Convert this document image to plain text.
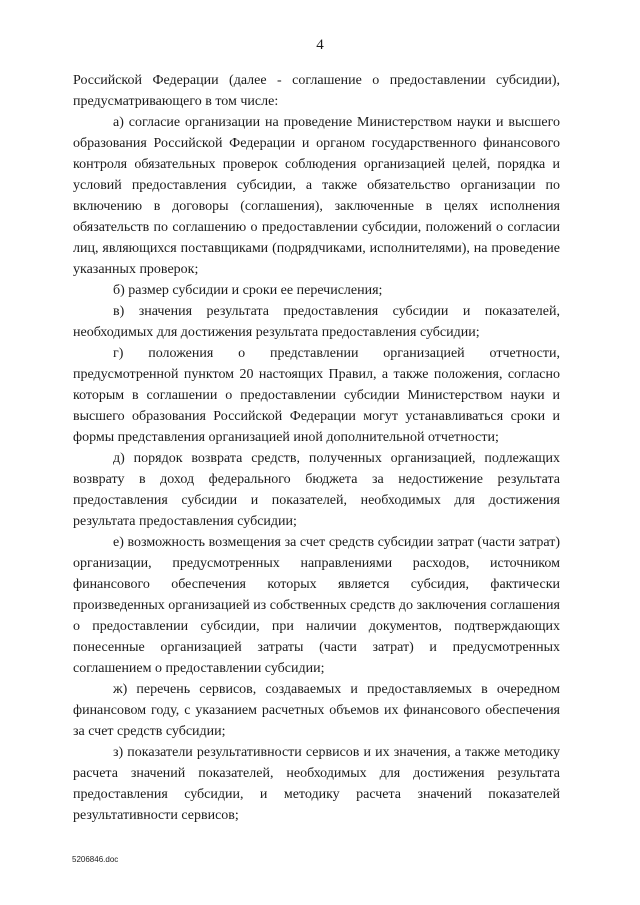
4

Российской Федерации (далее - соглашение о предоставлении субсидии), предусматривающего в том числе:

а) согласие организации на проведение Министерством науки и высшего образования Российской Федерации и органом государственного финансового контроля обязательных проверок соблюдения организацией целей, порядка и условий предоставления субсидии, а также обязательство организации по включению в договоры (соглашения), заключенные в целях исполнения обязательств по соглашению о предоставлении субсидии, положений о согласии лиц, являющихся поставщиками (подрядчиками, исполнителями), на проведение указанных проверок;

б) размер субсидии и сроки ее перечисления;

в) значения результата предоставления субсидии и показателей, необходимых для достижения результата предоставления субсидии;

г) положения о представлении организацией отчетности, предусмотренной пунктом 20 настоящих Правил, а также положения, согласно которым в соглашении о предоставлении субсидии Министерством науки и высшего образования Российской Федерации могут устанавливаться сроки и формы представления организацией иной дополнительной отчетности;

д) порядок возврата средств, полученных организацией, подлежащих возврату в доход федерального бюджета за недостижение результата предоставления субсидии и показателей, необходимых для достижения результата предоставления субсидии;

е) возможность возмещения за счет средств субсидии затрат (части затрат) организации, предусмотренных направлениями расходов, источником финансового обеспечения которых является субсидия, фактически произведенных организацией из собственных средств до заключения соглашения о предоставлении субсидии, при наличии документов, подтверждающих понесенные организацией затраты (части затрат) и предусмотренных соглашением о предоставлении субсидии;

ж) перечень сервисов, создаваемых и предоставляемых в очередном финансовом году, с указанием расчетных объемов их финансового обеспечения за счет средств субсидии;

з) показатели результативности сервисов и их значения, а также методику расчета значений показателей, необходимых для достижения результата предоставления субсидии, и методику расчета значений показателей результативности сервисов;

5206846.doc
